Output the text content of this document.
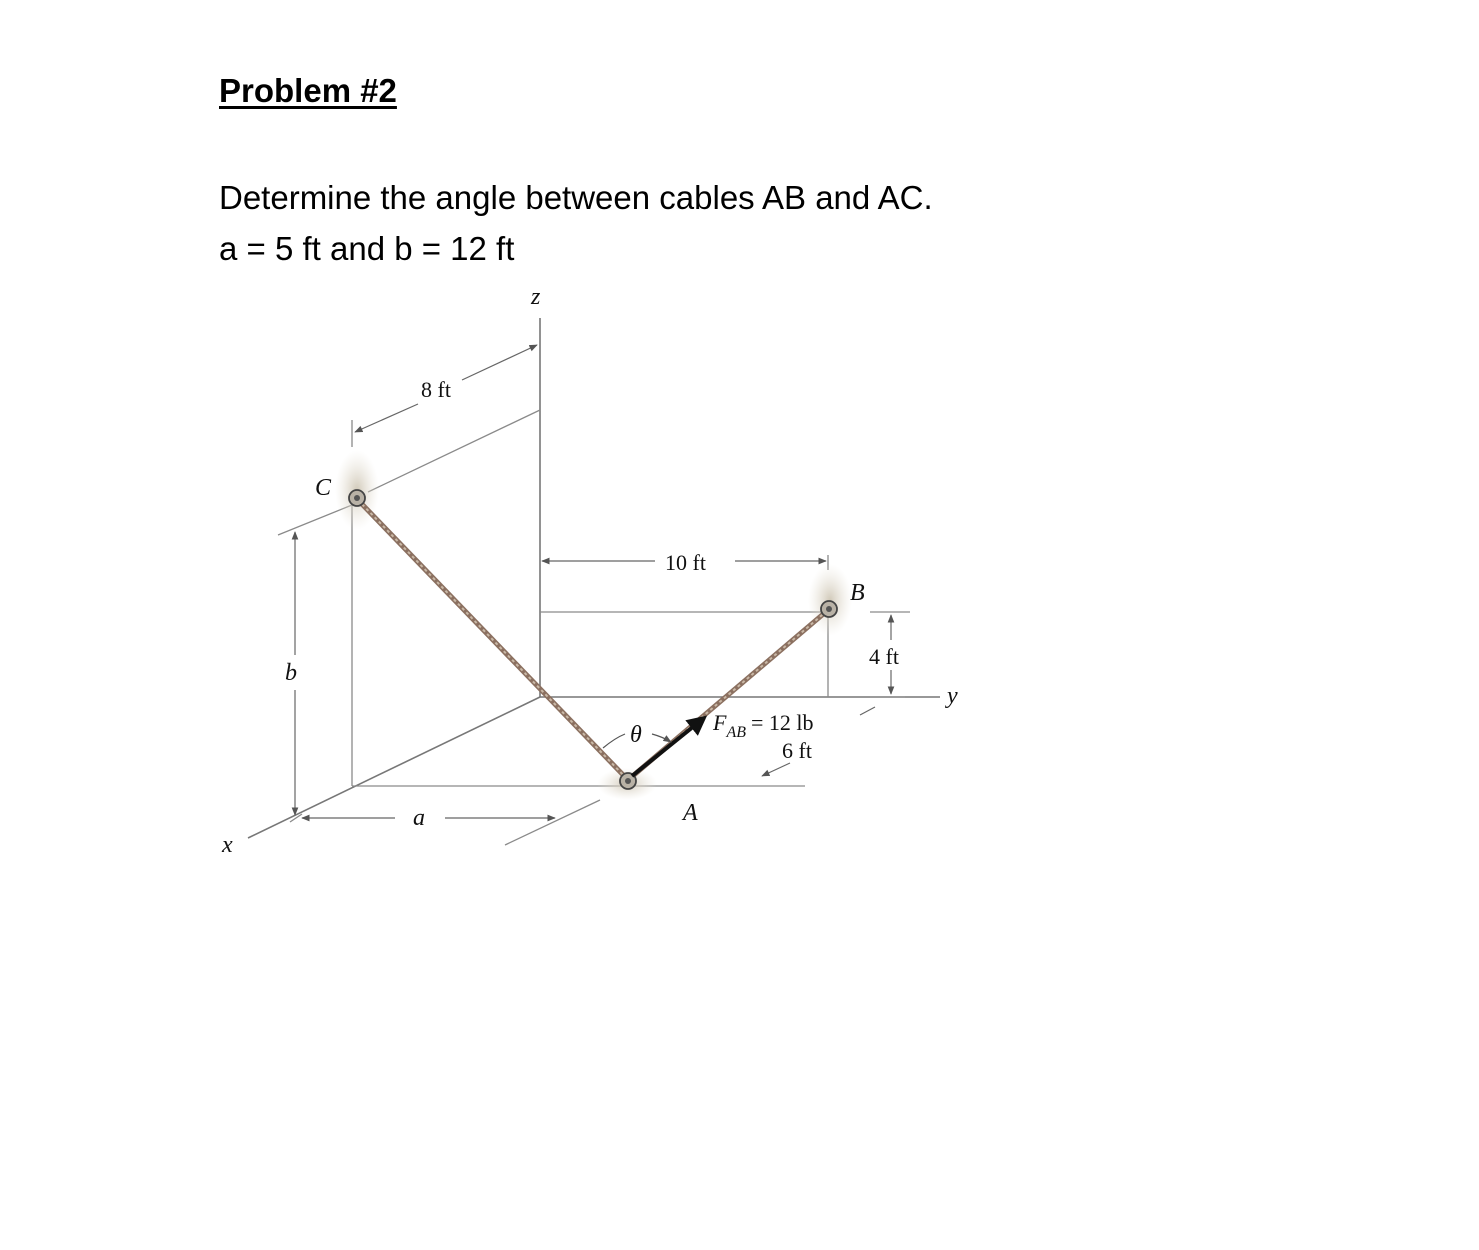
Problem #2

Determine the angle between cables AB and AC.

a = 5 ft and b = 12 ft

z
y
x
C
B
A
8 ft
10 ft
4 ft
6 ft
a
b
θ	$F_{AB} = 12$ lb
